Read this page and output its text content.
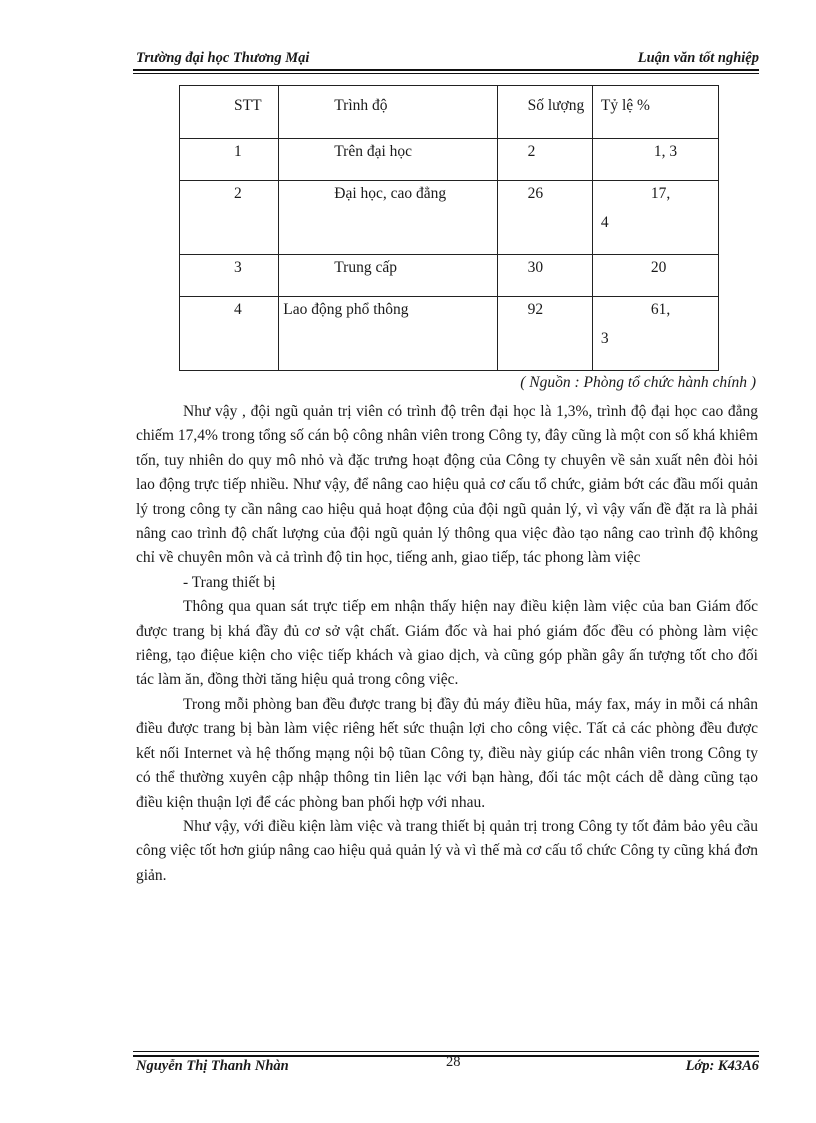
Trường đại học Thương Mại	Luận văn tốt nghiệp
STT	Trình độ	Số lượng	Tỷ lệ %

1	Trên đại học	2	1, 3

2	Đại học, cao đẳng	26	17,
4

3	Trung cấp	30	20

4	Lao động phổ thông	92	61,
3
( Nguồn : Phòng tổ chức hành chính )

Như vậy , đội ngũ quản trị viên có trình độ trên đại học là 1,3%, trình độ đại học cao đẳng chiếm 17,4% trong tổng số cán bộ công nhân viên trong Công ty, đây cũng là một con số khá khiêm tốn, tuy nhiên do quy mô nhỏ và đặc trưng hoạt động của Công ty chuyên về sản xuất nên đòi hỏi lao động trực tiếp nhiều. Như vậy, để nâng cao hiệu quả cơ cấu tổ chức, giảm bớt các đầu mối quản lý trong công ty cần nâng cao hiệu quả hoạt động của đội ngũ quản lý, vì vậy vấn đề đặt ra là phải nâng cao trình độ chất lượng của đội ngũ quản lý thông qua việc đào tạo nâng cao trình độ không chỉ về chuyên môn và cả trình độ tin học, tiếng anh, giao tiếp, tác phong làm việc

- Trang thiết bị

Thông qua quan sát trực tiếp em nhận thấy hiện nay điều kiện làm việc của ban Giám đốc được trang bị khá đầy đủ cơ sở vật chất. Giám đốc và hai phó giám đốc đều có phòng làm việc riêng, tạo điệue kiện cho việc tiếp khách và giao dịch, và cũng góp phần gây ấn tượng tốt cho đối tác làm ăn, đồng thời tăng hiệu quả trong công việc.

Trong mỗi phòng ban đều được trang bị đầy đủ máy điều hũa, máy fax, máy in mỗi cá nhân điều được trang bị bàn làm việc riêng hết sức thuận lợi cho công việc. Tất cả các phòng đều được kết nối Internet và hệ thống mạng nội bộ tũan Công ty, điều này giúp các nhân viên trong Công ty có thể thường xuyên cập nhập thông tin liên lạc với bạn hàng, đối tác một cách dễ dàng cũng tạo điều kiện thuận lợi để các phòng ban phối hợp với nhau.

Như vậy, với điều kiện làm việc và trang thiết bị quản trị trong Công ty tốt đảm bảo yêu cầu công việc tốt hơn giúp nâng cao hiệu quả quản lý và vì thế mà cơ cấu tổ chức Công ty cũng khá đơn giản.

Nguyễn Thị Thanh Nhàn	28	Lớp: K43A6
